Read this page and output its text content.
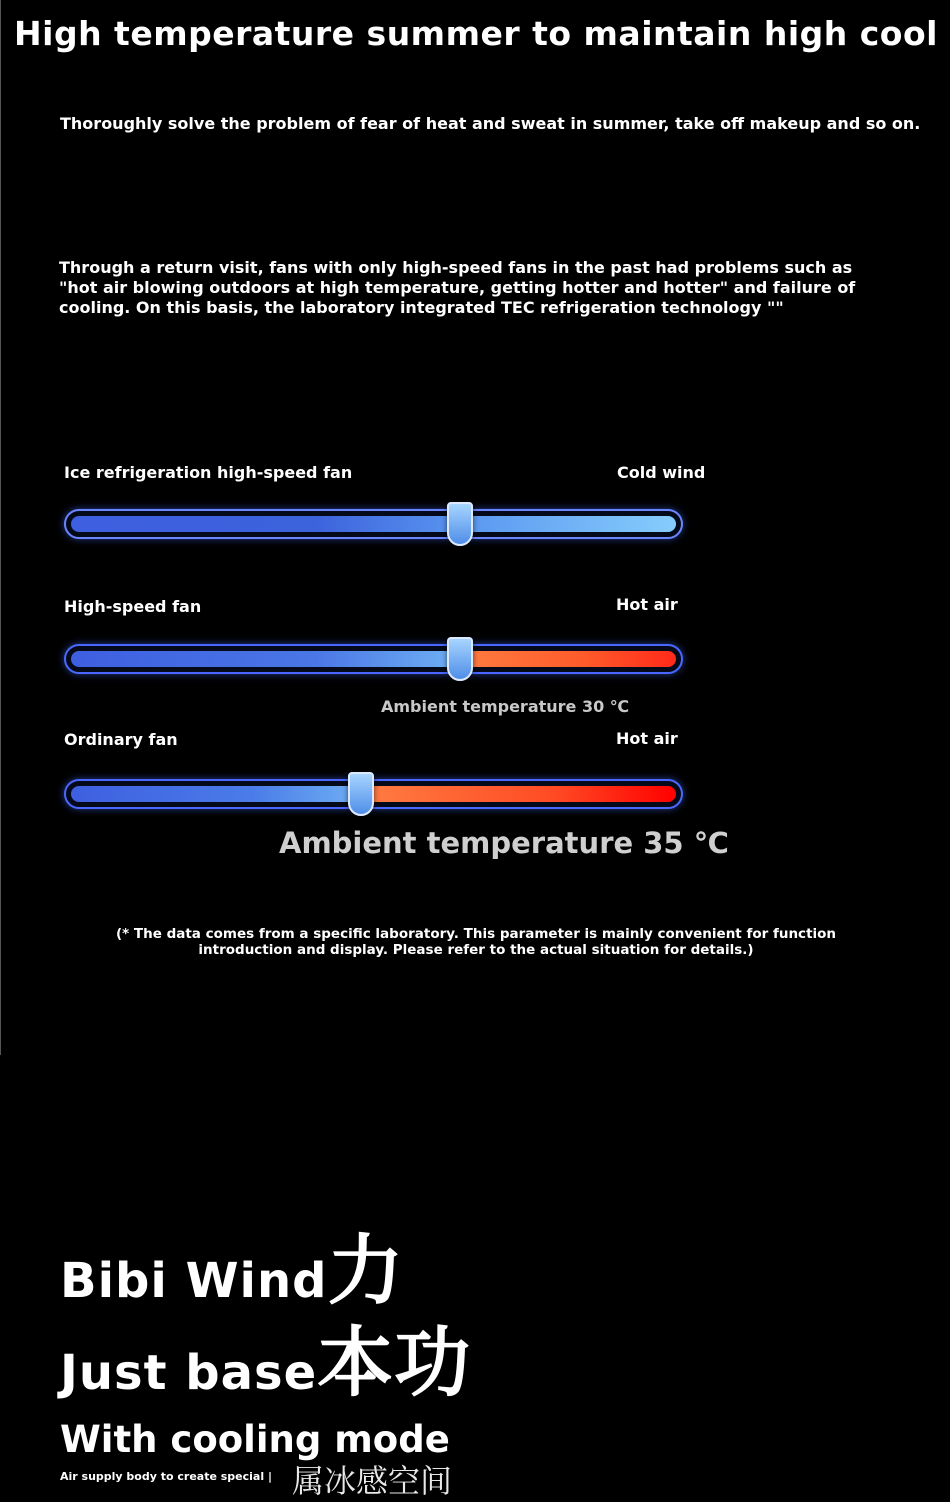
High temperature summer to maintain high cool
Thoroughly solve the problem of fear of heat and sweat in summer, take off makeup and so on.
Through a return visit, fans with only high-speed fans in the past had problems such as "hot air blowing outdoors at high temperature, getting hotter and hotter" and failure of cooling. On this basis, the laboratory integrated TEC refrigeration technology ""
Ice refrigeration high-speed fan	Cold wind
High-speed fan	Hot air
Ambient temperature 30 ℃
Ordinary fan	Hot air
Ambient temperature 35 ℃
(* The data comes from a specific laboratory. This parameter is mainly convenient for function introduction and display. Please refer to the actual situation for details.)
Bibi Wind力
Just base本功
With cooling mode
Air supply body to create special | 属冰感空间
